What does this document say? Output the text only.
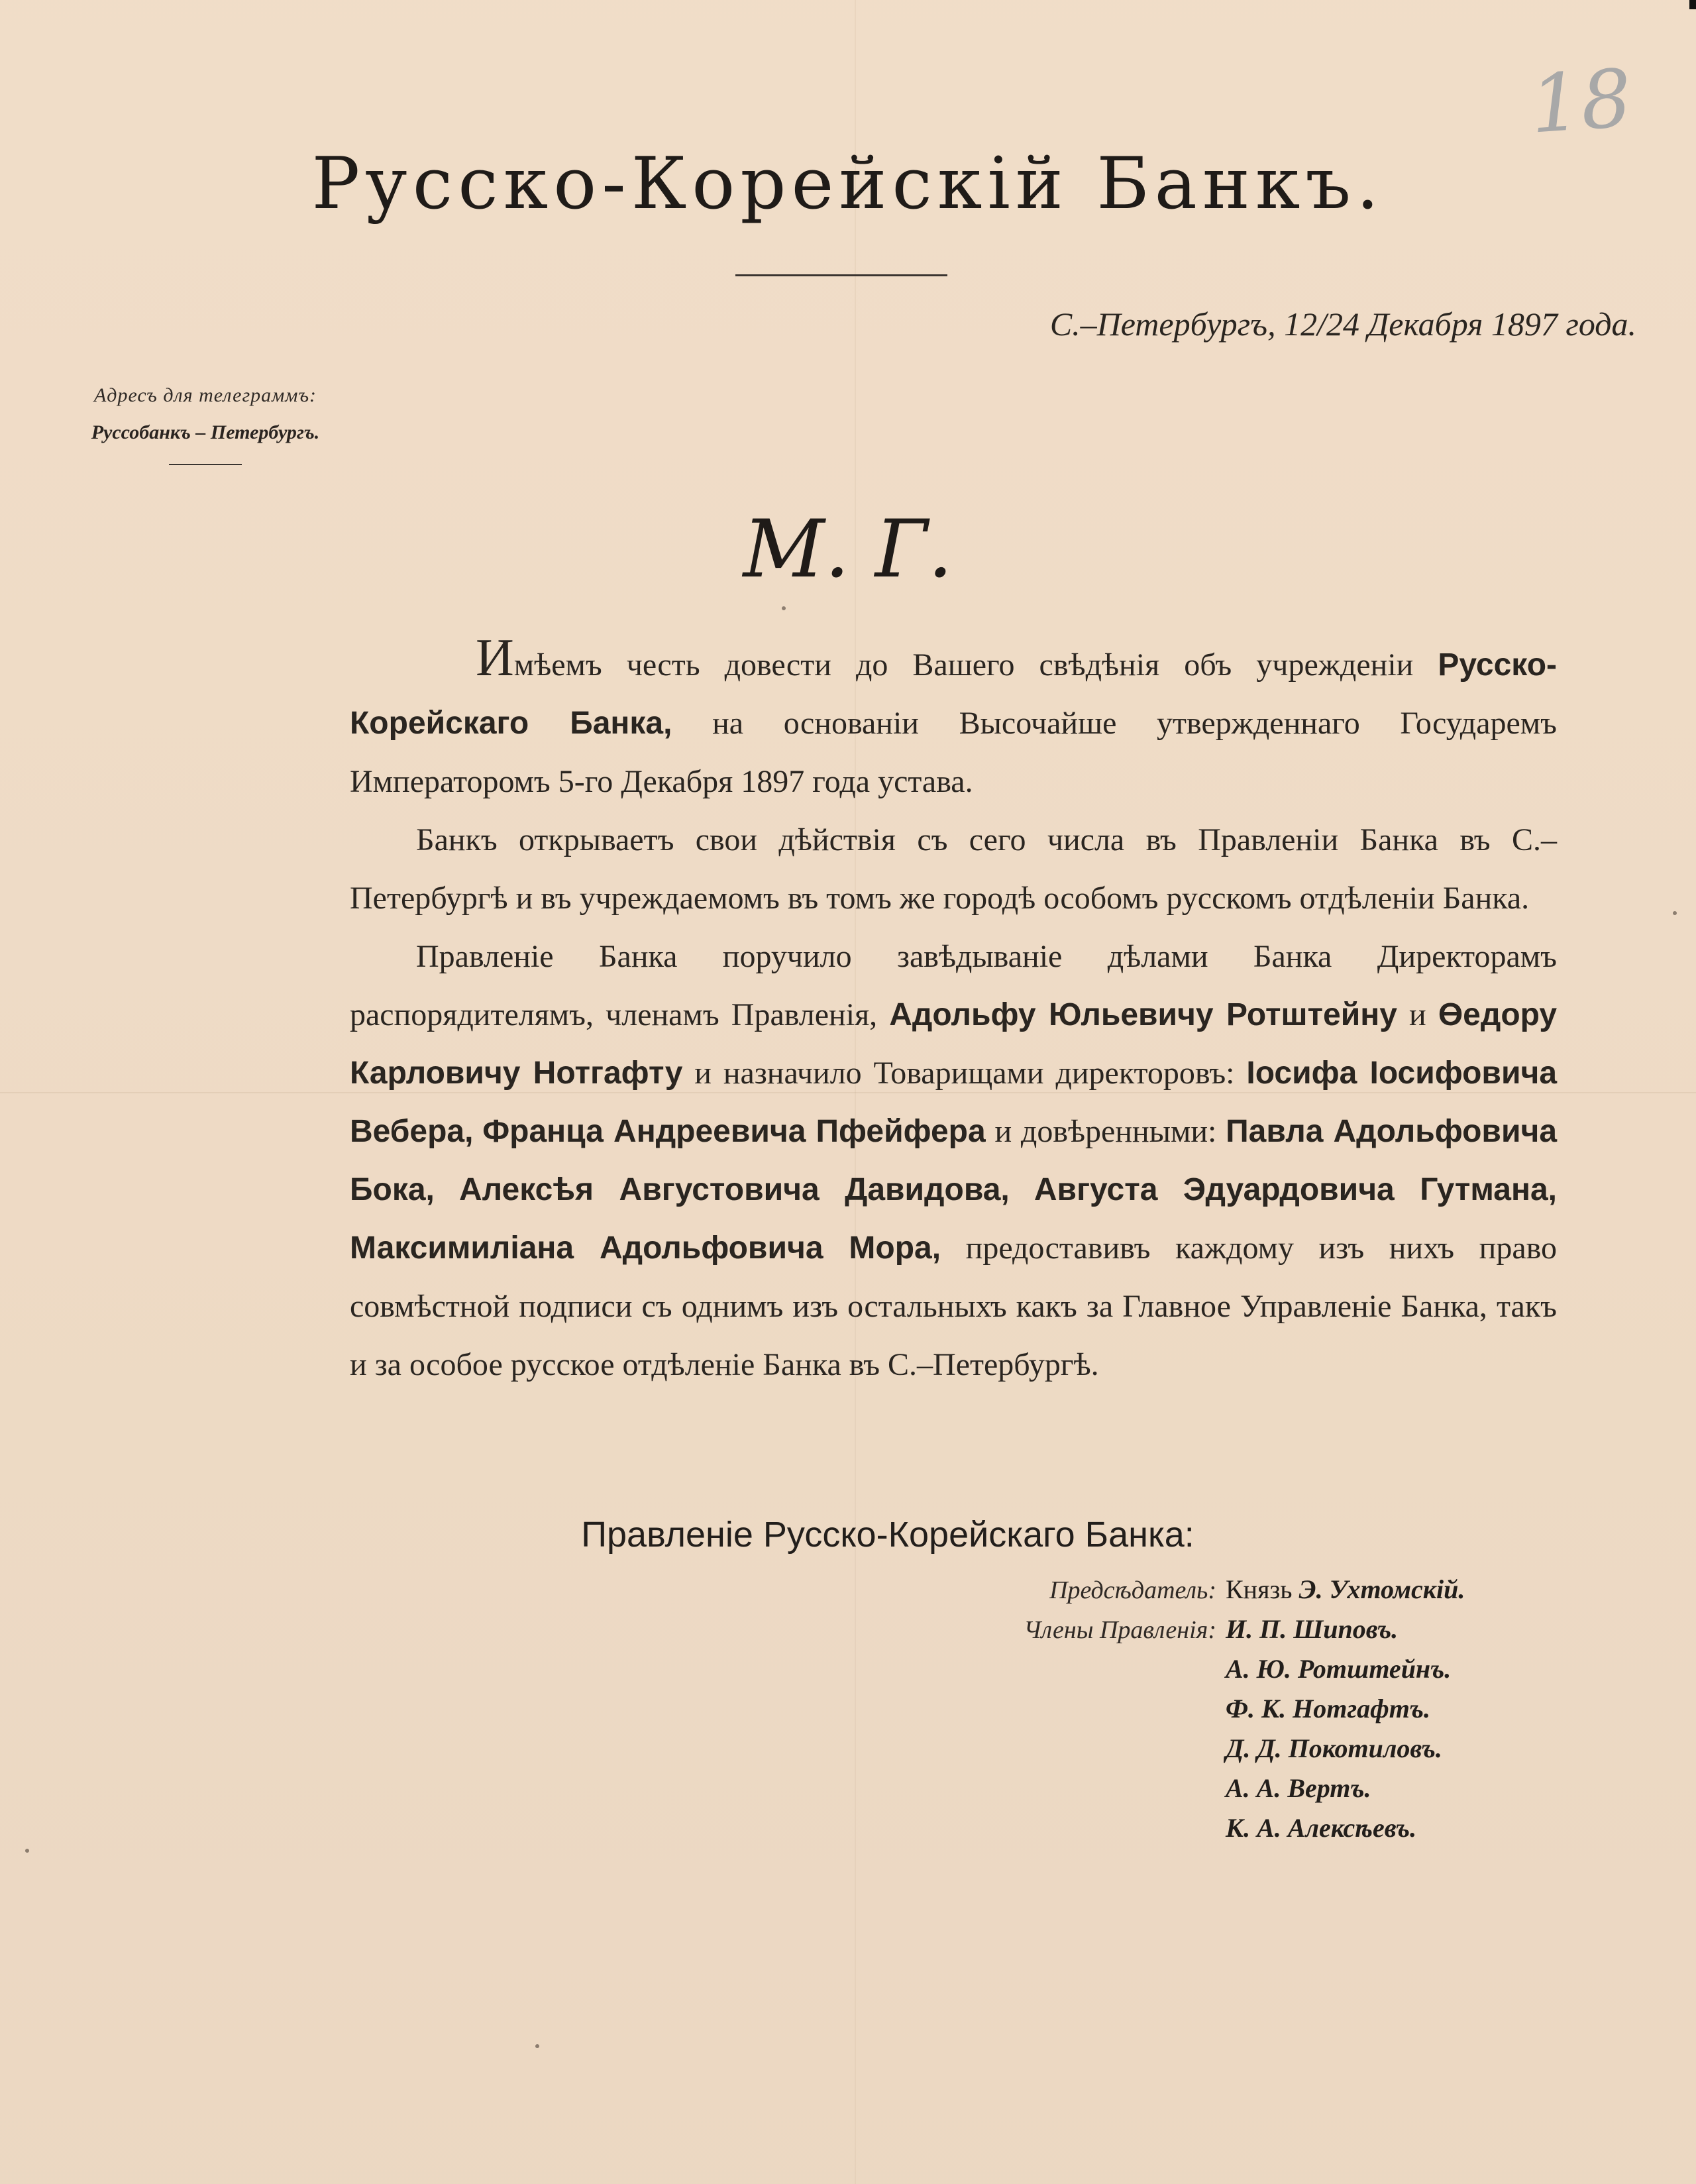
18
Русско-Корейскій Банкъ.
С.–Петербургъ, 12/24 Декабря 1897 года.
Адресъ для телеграммъ:
Руссобанкъ – Петербургъ.
М. Г.

Имѣемъ честь довести до Вашего свѣдѣнія объ учрежденіи Русско-Корейскаго Банка, на основаніи Высочайше утвержденнаго Государемъ Императоромъ 5-го Декабря 1897 года устава.

Банкъ открываетъ свои дѣйствія съ сего числа въ Правленіи Банка въ С.–Петербургѣ и въ учреждаемомъ въ томъ же городѣ особомъ русскомъ отдѣленіи Банка.

Правленіе Банка поручило завѣдываніе дѣлами Банка Директорамъ распорядителямъ, членамъ Правленія, Адольфу Юльевичу Ротштейну и Өедору Карловичу Нотгафту и назначило Товарищами директоровъ: Іосифа Іосифовича Вебера, Франца Андреевича Пфейфера и довѣренными: Павла Адольфовича Бока, Алексѣя Августовича Давидова, Августа Эдуардовича Гутмана, Максимиліана Адольфовича Мора, предоставивъ каждому изъ нихъ право совмѣстной подписи съ однимъ изъ остальныхъ какъ за Главное Управленіе Банка, такъ и за особое русское отдѣленіе Банка въ С.–Петербургѣ.

Правленіе Русско-Корейскаго Банка:
Предсѣдатель: Князь Э. Ухтомскій.
Члены Правленія: И. П. Шиповъ.
А. Ю. Ротштейнъ.
Ф. К. Нотгафтъ.
Д. Д. Покотиловъ.
А. А. Вертъ.
К. А. Алексѣевъ.
